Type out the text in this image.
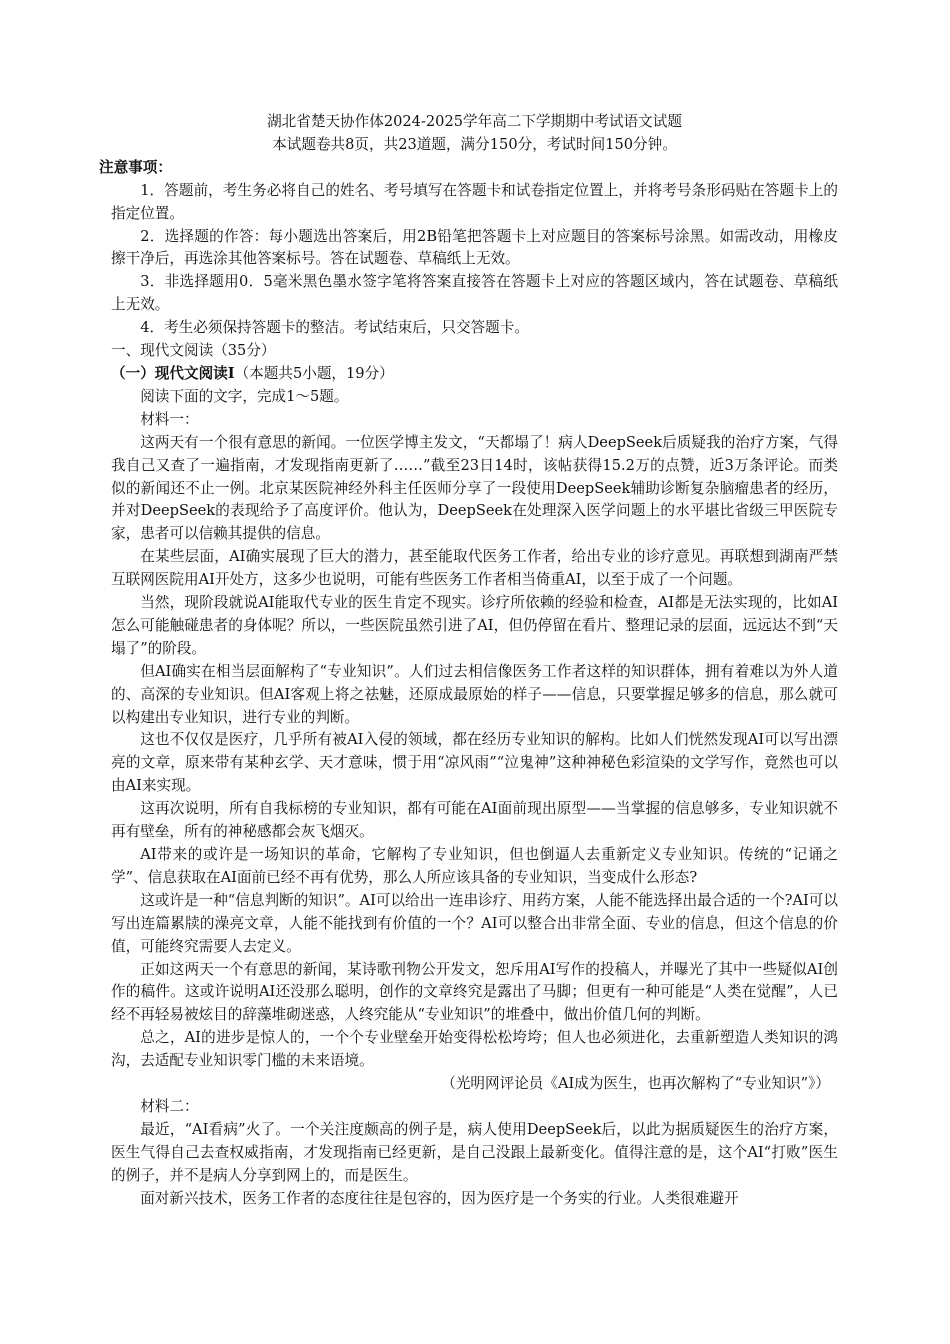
湖北省楚天协作体2024-2025学年高二下学期期中考试语文试题

本试题卷共8页，共23道题，满分150分，考试时间150分钟。

注意事项：

1．答题前，考生务必将自己的姓名、考号填写在答题卡和试卷指定位置上，并将考号条形码贴在答题卡上的指定位置。

2．选择题的作答：每小题选出答案后，用2B铅笔把答题卡上对应题目的答案标号涂黑。如需改动，用橡皮擦干净后，再选涂其他答案标号。答在试题卷、草稿纸上无效。

3．非选择题用0．5毫米黑色墨水签字笔将答案直接答在答题卡上对应的答题区域内，答在试题卷、草稿纸上无效。

4．考生必须保持答题卡的整洁。考试结束后，只交答题卡。

一、现代文阅读（35分）

（一）现代文阅读Ⅰ（本题共5小题，19分）

阅读下面的文字，完成1～5题。

材料一：

这两天有一个很有意思的新闻。一位医学博主发文，“天都塌了！病人DeepSeek后质疑我的治疗方案，气得我自己又查了一遍指南，才发现指南更新了……”截至23日14时，该帖获得15.2万的点赞，近3万条评论。而类似的新闻还不止一例。北京某医院神经外科主任医师分享了一段使用DeepSeek辅助诊断复杂脑瘤患者的经历，并对DeepSeek的表现给予了高度评价。他认为，DeepSeek在处理深入医学问题上的水平堪比省级三甲医院专家，患者可以信赖其提供的信息。

在某些层面，AI确实展现了巨大的潜力，甚至能取代医务工作者，给出专业的诊疗意见。再联想到湖南严禁互联网医院用AI开处方，这多少也说明，可能有些医务工作者相当倚重AI，以至于成了一个问题。

当然，现阶段就说AI能取代专业的医生肯定不现实。诊疗所依赖的经验和检查，AI都是无法实现的，比如AI怎么可能触碰患者的身体呢？所以，一些医院虽然引进了AI，但仍停留在看片、整理记录的层面，远远达不到“天塌了”的阶段。

但AI确实在相当层面解构了“专业知识”。人们过去相信像医务工作者这样的知识群体，拥有着难以为外人道的、高深的专业知识。但AI客观上将之祛魅，还原成最原始的样子——信息，只要掌握足够多的信息，那么就可以构建出专业知识，进行专业的判断。

这也不仅仅是医疗，几乎所有被AI入侵的领域，都在经历专业知识的解构。比如人们恍然发现AI可以写出漂亮的文章，原来带有某种玄学、天才意味，惯于用“凉风雨”“泣鬼神”这种神秘色彩渲染的文学写作，竟然也可以由AI来实现。

这再次说明，所有自我标榜的专业知识，都有可能在AI面前现出原型——当掌握的信息够多，专业知识就不再有壁垒，所有的神秘感都会灰飞烟灭。

AI带来的或许是一场知识的革命，它解构了专业知识，但也倒逼人去重新定义专业知识。传统的“记诵之学”、信息获取在AI面前已经不再有优势，那么人所应该具备的专业知识，当变成什么形态?

这或许是一种“信息判断的知识”。AI可以给出一连串诊疗、用药方案，人能不能选择出最合适的一个?AI可以写出连篇累牍的澡亮文章，人能不能找到有价值的一个？AI可以整合出非常全面、专业的信息，但这个信息的价值，可能终究需要人去定义。

正如这两天一个有意思的新闻，某诗歌刊物公开发文，恕斥用AI写作的投稿人，并曝光了其中一些疑似AI创作的稿件。这或许说明AI还没那么聪明，创作的文章终究是露出了马脚；但更有一种可能是“人类在觉醒”，人已经不再轻易被炫目的辞藻堆砌迷惑，人终究能从“专业知识”的堆叠中，做出价值几何的判断。

总之，AI的进步是惊人的，一个个专业壁垒开始变得松松垮垮；但人也必须进化，去重新塑造人类知识的鸿沟，去适配专业知识零门槛的未来语境。

（光明网评论员《AI成为医生，也再次解构了“专业知识”》）

材料二：

最近，“AI看病”火了。一个关注度颇高的例子是，病人使用DeepSeek后，以此为据质疑医生的治疗方案，医生气得自己去查权威指南，才发现指南已经更新，是自己没跟上最新变化。值得注意的是，这个AI“打败”医生的例子，并不是病人分享到网上的，而是医生。

面对新兴技术，医务工作者的态度往往是包容的，因为医疗是一个务实的行业。人类很难避开
